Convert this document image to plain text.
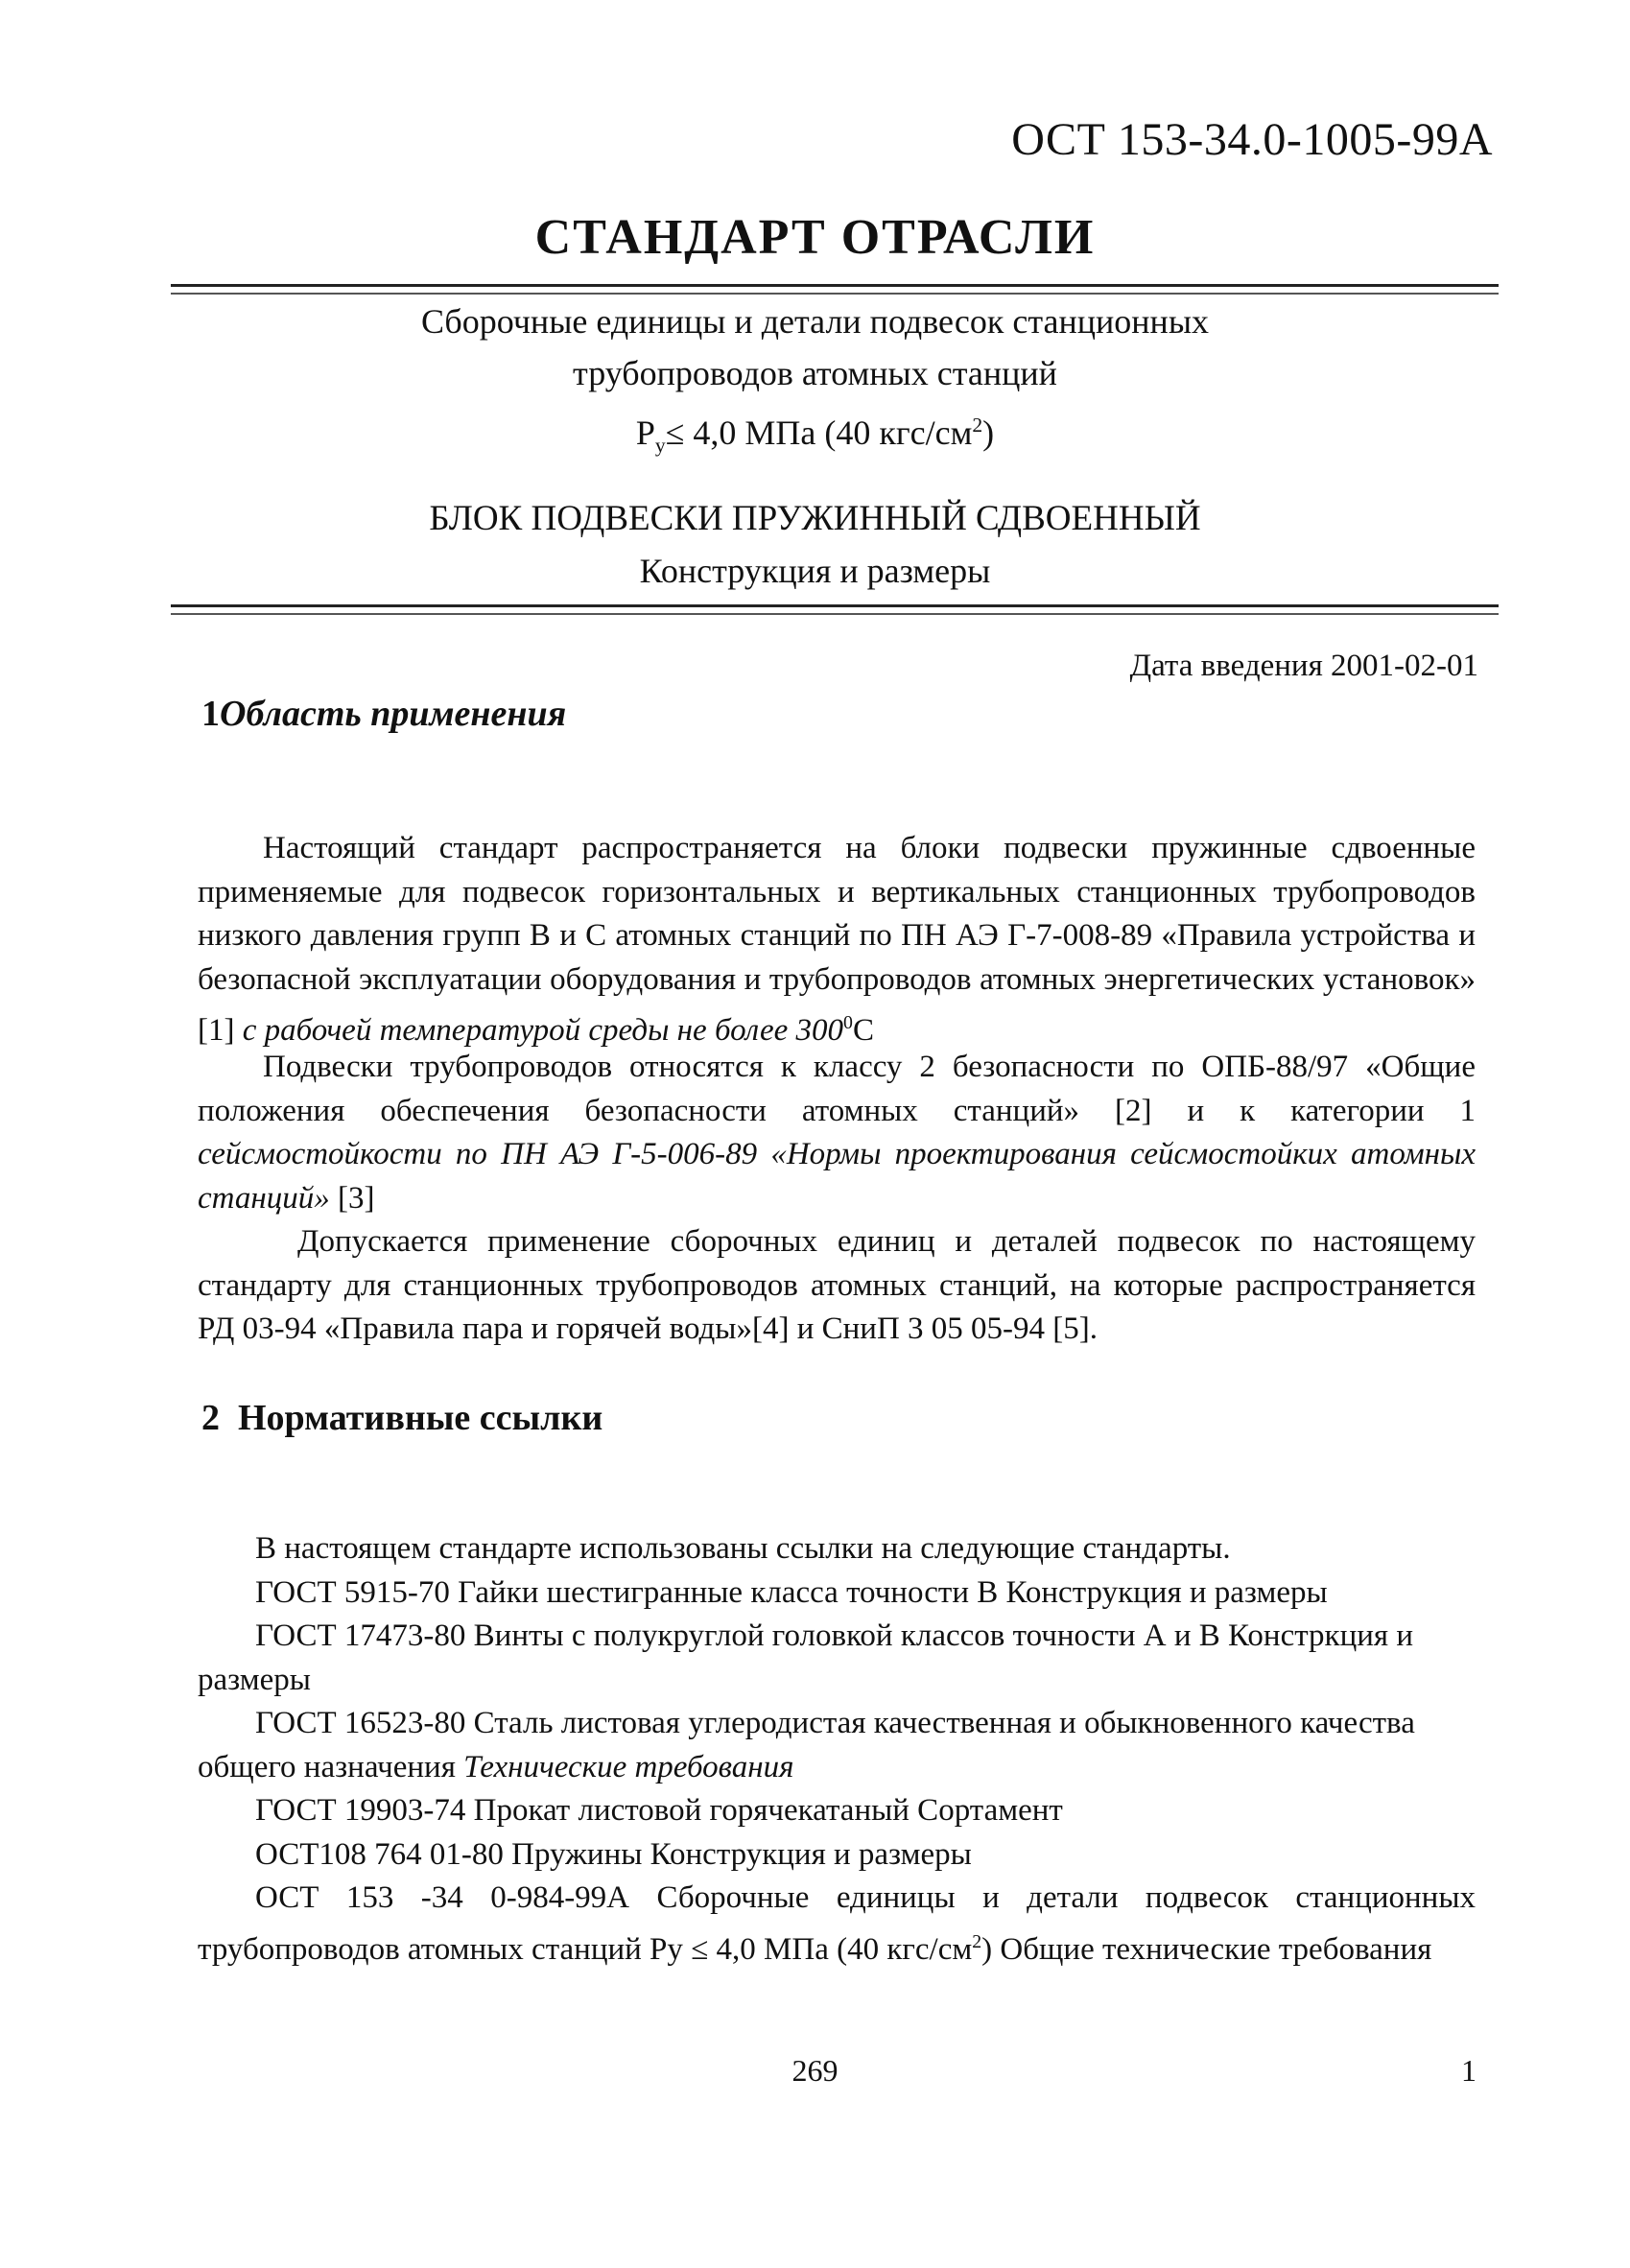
ОСТ 153-34.0-1005-99А
СТАНДАРТ ОТРАСЛИ
Сборочные единицы и детали подвесок станционных
трубопроводов атомных станций
$Р_у\le 4,0$ МПа (40 кгс/$см^2$)
БЛОК ПОДВЕСКИ ПРУЖИННЫЙ СДВОЕННЫЙ
Конструкция и размеры
Дата введения 2001-02-01
1Область применения
Настоящий стандарт распространяется на блоки подвески пружинные сдвоенные применяемые для подвесок горизонтальных и вертикальных станционных трубопроводов низкого давления групп В и С атомных станций по ПН АЭ Г-7-008-89 «Правила устройства и безопасной эксплуатации оборудования и трубопроводов атомных энергетических установок» [1] с рабочей температурой среды не более $300^0С$
Подвески трубопроводов относятся к классу 2 безопасности по ОПБ-88/97 «Общие положения обеспечения безопасности атомных станций» [2] и к категории 1 сейсмостойкости по ПН АЭ Г-5-006-89 «Нормы проектирования сейсмостойких атомных станций» [3]
Допускается применение сборочных единиц и деталей подвесок по настоящему стандарту для станционных трубопроводов атомных станций, на которые распространяется РД 03-94 «Правила пара и горячей воды»[4] и СниП 3 05 05-94 [5].
2 Нормативные ссылки

В настоящем стандарте использованы ссылки на следующие стандарты.

ГОСТ 5915-70 Гайки шестигранные класса точности В Конструкция и размеры

ГОСТ 17473-80 Винты с полукруглой головкой классов точности А и В Констркция и размеры

ГОСТ 16523-80 Сталь листовая углеродистая качественная и обыкновенного качества общего назначения Технические требования

ГОСТ 19903-74 Прокат листовой горячекатаный Сортамент

ОСТ108 764 01-80 Пружины Конструкция и размеры

ОСТ 153 -34 0-984-99А Сборочные единицы и детали подвесок станционных трубопроводов атомных станций Ру ≤ 4,0 МПа (40 кгс/$см^2$) Общие технические требования

269	1
